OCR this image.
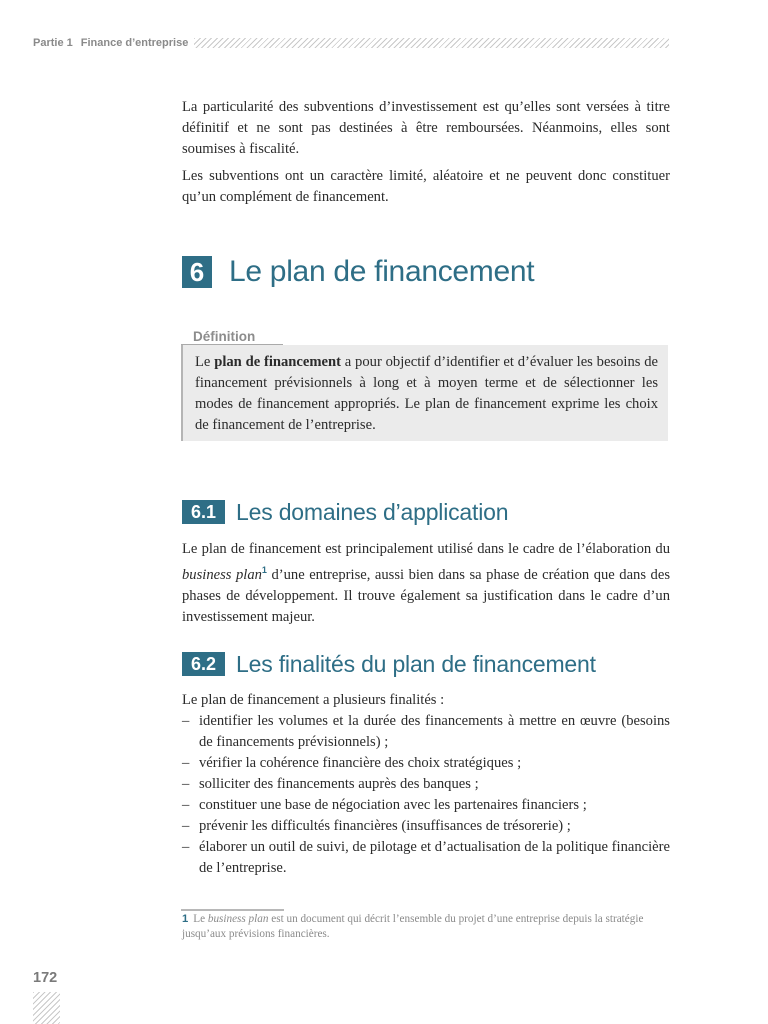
Partie 1 Finance d’entreprise

La particularité des subventions d’investissement est qu’elles sont versées à titre définitif et ne sont pas destinées à être remboursées. Néanmoins, elles sont soumises à fiscalité.

Les subventions ont un caractère limité, aléatoire et ne peuvent donc constituer qu’un complément de financement.

6 Le plan de financement
Définition
Le plan de financement a pour objectif d’identifier et d’évaluer les besoins de financement prévisionnels à long et à moyen terme et de sélectionner les modes de financement appropriés. Le plan de financement exprime les choix de financement de l’entreprise.
6.1 Les domaines d’application

Le plan de financement est principalement utilisé dans le cadre de l’élaboration du business plan$^1$ d’une entreprise, aussi bien dans sa phase de création que dans des phases de développement. Il trouve également sa justification dans le cadre d’un investissement majeur.

6.2 Les finalités du plan de financement

Le plan de financement a plusieurs finalités :

– identifier les volumes et la durée des financements à mettre en œuvre (besoins de financements prévisionnels) ;
– vérifier la cohérence financière des choix stratégiques ;
– solliciter des financements auprès des banques ;
– constituer une base de négociation avec les partenaires financiers ;
– prévenir les difficultés financières (insuffisances de trésorerie) ;
– élaborer un outil de suivi, de pilotage et d’actualisation de la politique financière de l’entreprise.
1 Le business plan est un document qui décrit l’ensemble du projet d’une entreprise depuis la stratégie jusqu’aux prévisions financières.
172
